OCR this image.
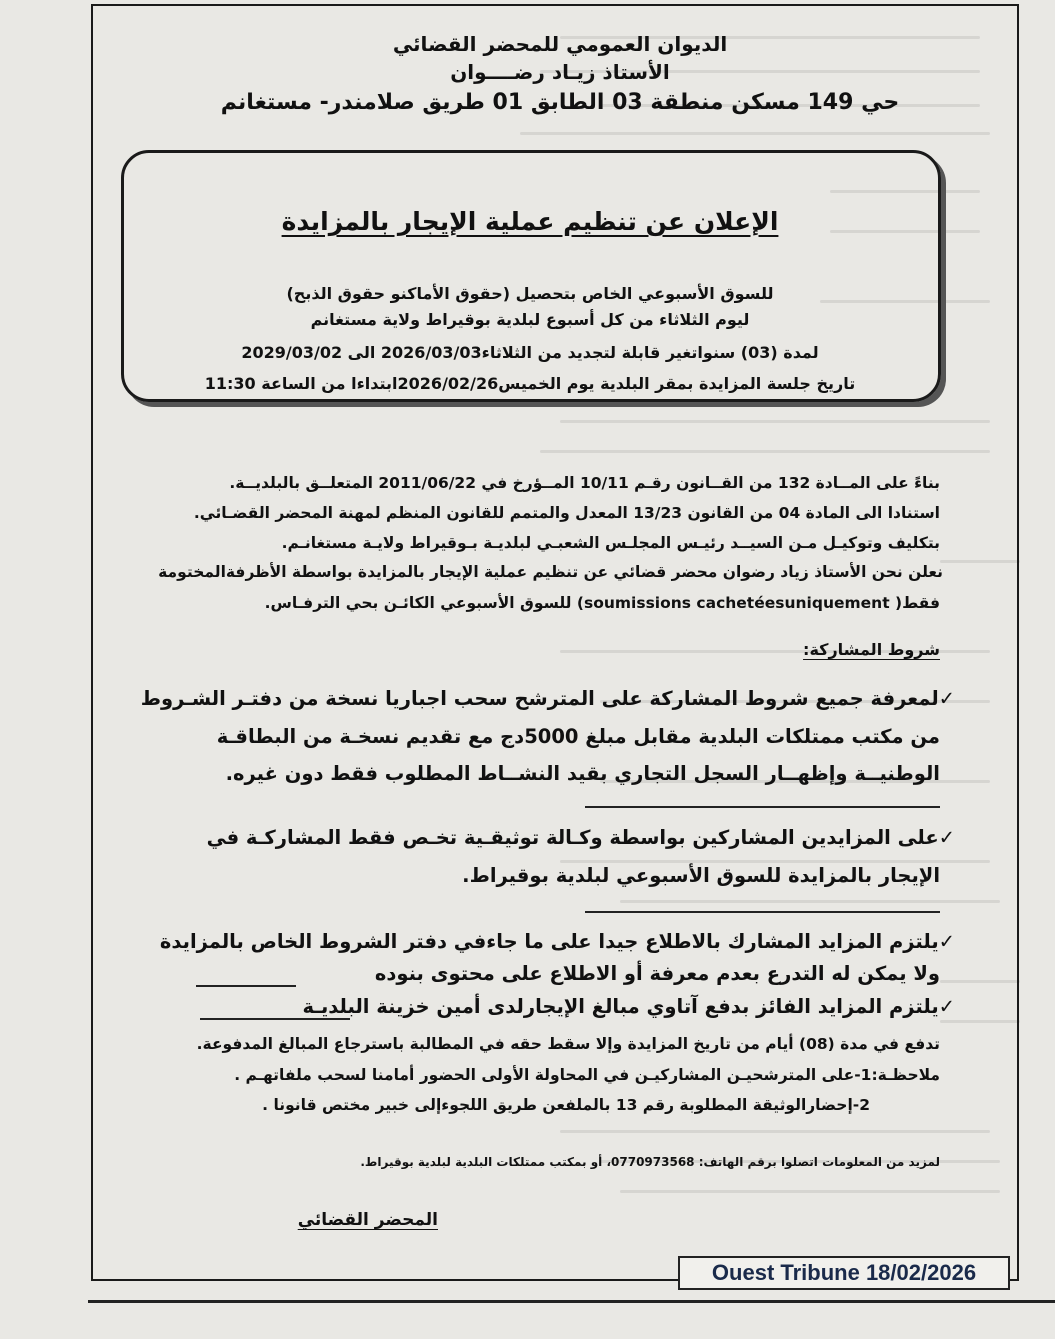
الديوان العمومي للمحضر القضائي
الأستاذ زيـاد رضــــوان
حي 149 مسكن منطقة 03 الطابق 01 طريق صلامندر- مستغانم
الإعلان عن تنظيم عملية الإيجار بالمزايدة
للسوق الأسبوعي الخاص بتحصيل (حقوق الأماكنو حقوق الذبح)
ليوم الثلاثاء من كل أسبوع لبلدية بوقيراط ولاية مستغانم
لمدة (03) سنواتغير قابلة لتجديد من الثلاثاء2026/03/03 الى 2029/03/02
تاريخ جلسة المزايدة بمقر البلدية يوم الخميس2026/02/26ابتداءا من الساعة 11:30
بناءً على المــادة 132 من القــانون رقـم 10/11 المــؤرخ في 2011/06/22 المتعلــق بالبلديــة.
استنادا الى المادة 04 من القانون 13/23 المعدل والمتمم للقانون المنظم لمهنة المحضر القضـائي.
بتكليف وتوكيـل مـن السيــد رئيـس المجلـس الشعبـي لبلديـة بـوقيراط ولايـة مستغانـم.
نعلن نحن الأستاذ زياد رضوان محضر قضائي عن تنظيم عملية الإيجار بالمزايدة بواسطة الأظرفةالمختومة
فقط( soumissions cachetéesuniquement) للسوق الأسبوعي الكائـن بحي الترفـاس.
شروط المشاركة:
✓لمعرفة جميع شروط المشاركة على المترشح سحب اجباريا نسخة من دفتـر الشـروط
من مكتب ممتلكات البلدية مقابل مبلغ 5000دج مع تقديم نسخـة من البطاقـة
الوطنيــة وإظهــار السجل التجاري بقيد النشــاط المطلوب فقط دون غيره.
✓على المزايدين المشاركين بواسطة وكـالة توثيقـية تخـص فقط المشاركـة في
الإيجار بالمزايدة للسوق الأسبوعي لبلدية بوقيراط.
✓يلتزم المزايد المشارك بالاطلاع جيدا على ما جاءفي دفتر الشروط الخاص بالمزايدة
ولا يمكن له التدرع بعدم معرفة أو الاطلاع على محتوى بنوده
✓يلتزم المزايد الفائز بدفع آتاوي مبالغ الإيجارلدى أمين خزينة البلديـة
تدفع في مدة (08) أيام من تاريخ المزايدة وإلا سقط حقه في المطالبة باسترجاع المبالغ المدفوعة.
ملاحظـة:1-على المترشحيـن المشاركيـن في المحاولة الأولى الحضور أمامنا لسحب ملفاتهـم .
2-إحضارالوثيقة المطلوبة رقم 13 بالملفعن طريق اللجوءإلى خبير مختص قانونا .
لمزيد من المعلومات اتصلوا برقم الهاتف: 0770973568، أو بمكتب ممتلكات البلدية لبلدية بوقيراط.
المحضر القضائي
Ouest Tribune 18/02/2026
